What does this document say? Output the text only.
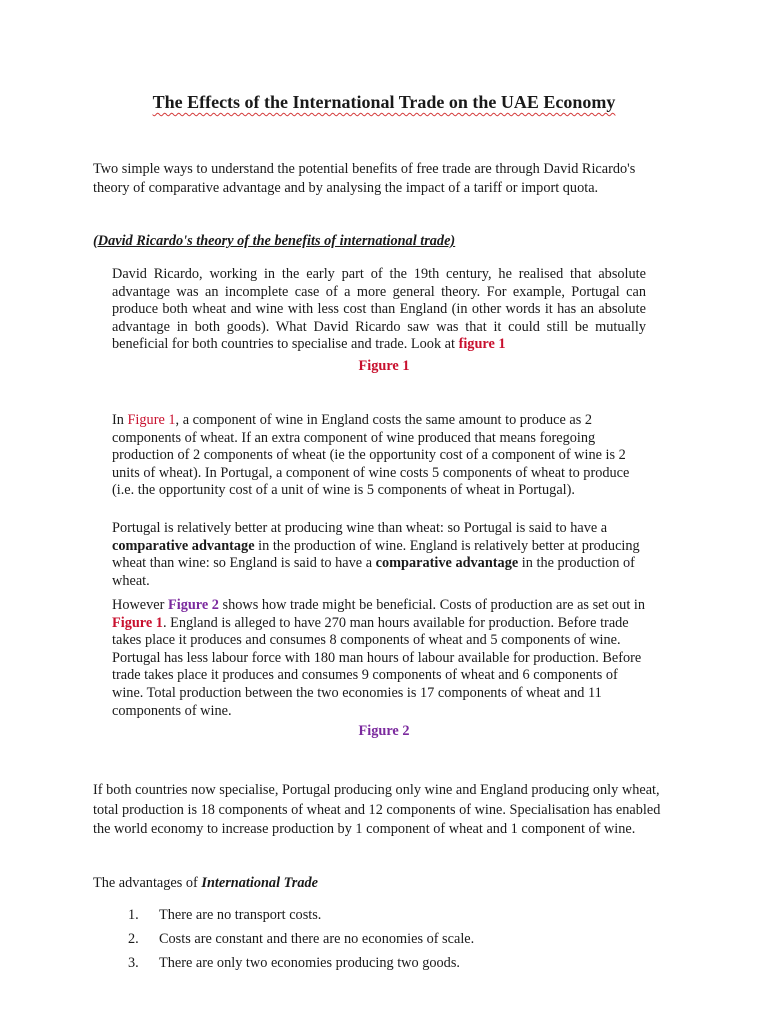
The Effects of the International Trade on the UAE Economy

Two simple ways to understand the potential benefits of free trade are through David Ricardo's theory of comparative advantage and by analysing the impact of a tariff or import quota.

(David Ricardo's theory of the benefits of international trade)

David Ricardo, working in the early part of the 19th century, he realised that absolute advantage was an incomplete case of a more general theory. For example, Portugal can produce both wheat and wine with less cost than England (in other words it has an absolute advantage in both goods). What David Ricardo saw was that it could still be mutually beneficial for both countries to specialise and trade. Look at figure 1

Figure 1

In Figure 1, a component of wine in England costs the same amount to produce as 2 components of wheat. If an extra component of wine produced that means foregoing production of 2 components of wheat (ie the opportunity cost of a component of wine is 2 units of wheat). In Portugal, a component of wine costs 5 components of wheat to produce (i.e. the opportunity cost of a unit of wine is 5 components of wheat in Portugal).

Portugal is relatively better at producing wine than wheat: so Portugal is said to have a comparative advantage in the production of wine. England is relatively better at producing wheat than wine: so England is said to have a comparative advantage in the production of wheat.

However Figure 2 shows how trade might be beneficial. Costs of production are as set out in Figure 1. England is alleged to have 270 man hours available for production. Before trade takes place it produces and consumes 8 components of wheat and 5 components of wine. Portugal has less labour force with 180 man hours of labour available for production. Before trade takes place it produces and consumes 9 components of wheat and 6 components of wine. Total production between the two economies is 17 components of wheat and 11 components of wine.

Figure 2

If both countries now specialise, Portugal producing only wine and England producing only wheat, total production is 18 components of wheat and 12 components of wine. Specialisation has enabled the world economy to increase production by 1 component of wheat and 1 component of wine.

The advantages of International Trade

1. There are no transport costs.
2. Costs are constant and there are no economies of scale.
3. There are only two economies producing two goods.
